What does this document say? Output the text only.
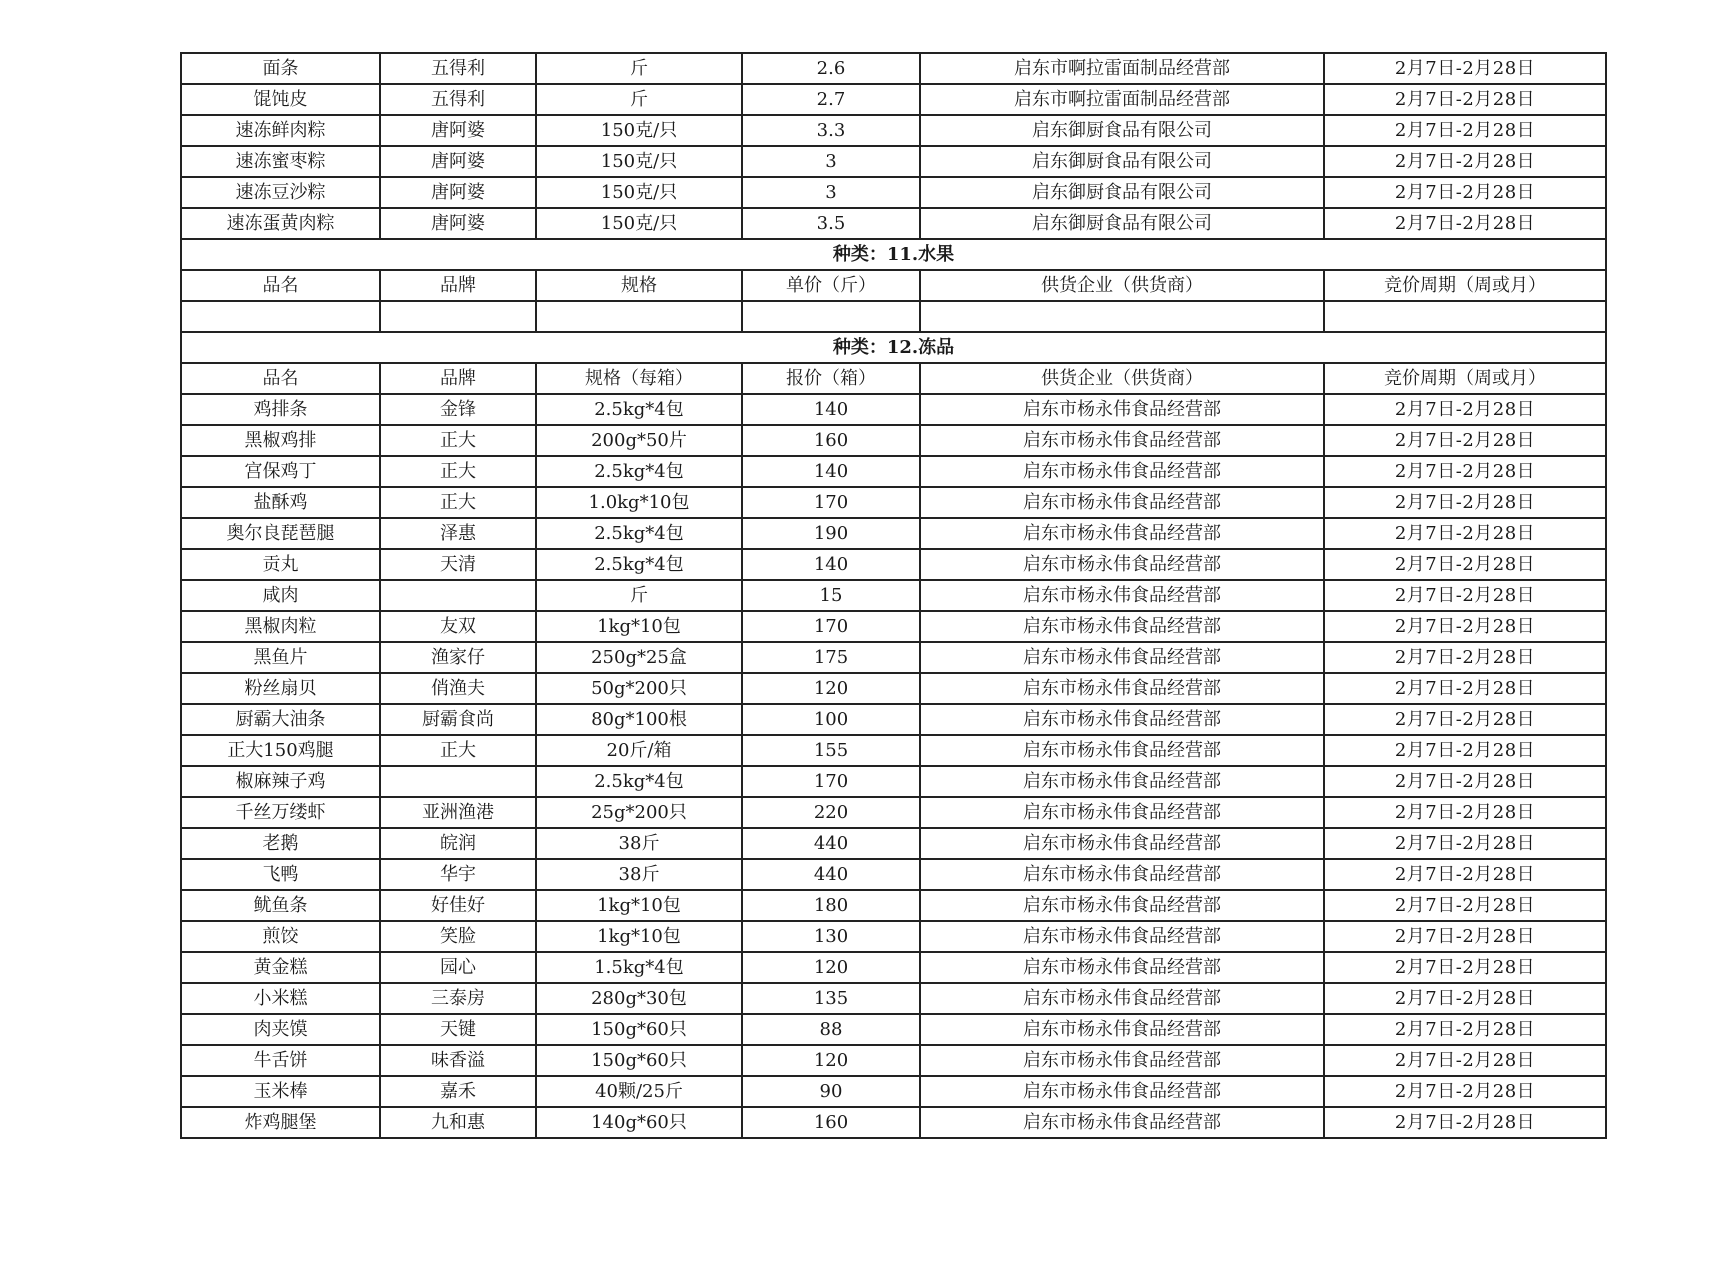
面条	五得利	斤	2.6	启东市啊拉雷面制品经营部	2月7日-2月28日
馄饨皮	五得利	斤	2.7	启东市啊拉雷面制品经营部	2月7日-2月28日
速冻鲜肉粽	唐阿婆	150克/只	3.3	启东御厨食品有限公司	2月7日-2月28日
速冻蜜枣粽	唐阿婆	150克/只	3	启东御厨食品有限公司	2月7日-2月28日
速冻豆沙粽	唐阿婆	150克/只	3	启东御厨食品有限公司	2月7日-2月28日
速冻蛋黄肉粽	唐阿婆	150克/只	3.5	启东御厨食品有限公司	2月7日-2月28日
种类：11.水果					
品名	品牌	规格	单价（斤）	供货企业（供货商）	竞价周期（周或月）

种类：12.冻品					
品名	品牌	规格（每箱）	报价（箱）	供货企业（供货商）	竞价周期（周或月）
鸡排条	金锋	2.5kg*4包	140	启东市杨永伟食品经营部	2月7日-2月28日
黑椒鸡排	正大	200g*50片	160	启东市杨永伟食品经营部	2月7日-2月28日
宫保鸡丁	正大	2.5kg*4包	140	启东市杨永伟食品经营部	2月7日-2月28日
盐酥鸡	正大	1.0kg*10包	170	启东市杨永伟食品经营部	2月7日-2月28日
奥尔良琵琶腿	泽惠	2.5kg*4包	190	启东市杨永伟食品经营部	2月7日-2月28日
贡丸	天清	2.5kg*4包	140	启东市杨永伟食品经营部	2月7日-2月28日
咸肉		斤	15	启东市杨永伟食品经营部	2月7日-2月28日
黑椒肉粒	友双	1kg*10包	170	启东市杨永伟食品经营部	2月7日-2月28日
黑鱼片	渔家仔	250g*25盒	175	启东市杨永伟食品经营部	2月7日-2月28日
粉丝扇贝	俏渔夫	50g*200只	120	启东市杨永伟食品经营部	2月7日-2月28日
厨霸大油条	厨霸食尚	80g*100根	100	启东市杨永伟食品经营部	2月7日-2月28日
正大150鸡腿	正大	20斤/箱	155	启东市杨永伟食品经营部	2月7日-2月28日
椒麻辣子鸡		2.5kg*4包	170	启东市杨永伟食品经营部	2月7日-2月28日
千丝万缕虾	亚洲渔港	25g*200只	220	启东市杨永伟食品经营部	2月7日-2月28日
老鹅	皖润	38斤	440	启东市杨永伟食品经营部	2月7日-2月28日
飞鸭	华宇	38斤	440	启东市杨永伟食品经营部	2月7日-2月28日
鱿鱼条	好佳好	1kg*10包	180	启东市杨永伟食品经营部	2月7日-2月28日
煎饺	笑脸	1kg*10包	130	启东市杨永伟食品经营部	2月7日-2月28日
黄金糕	园心	1.5kg*4包	120	启东市杨永伟食品经营部	2月7日-2月28日
小米糕	三泰房	280g*30包	135	启东市杨永伟食品经营部	2月7日-2月28日
肉夹馍	天键	150g*60只	88	启东市杨永伟食品经营部	2月7日-2月28日
牛舌饼	味香溢	150g*60只	120	启东市杨永伟食品经营部	2月7日-2月28日
玉米棒	嘉禾	40颗/25斤	90	启东市杨永伟食品经营部	2月7日-2月28日
炸鸡腿堡	九和惠	140g*60只	160	启东市杨永伟食品经营部	2月7日-2月28日
